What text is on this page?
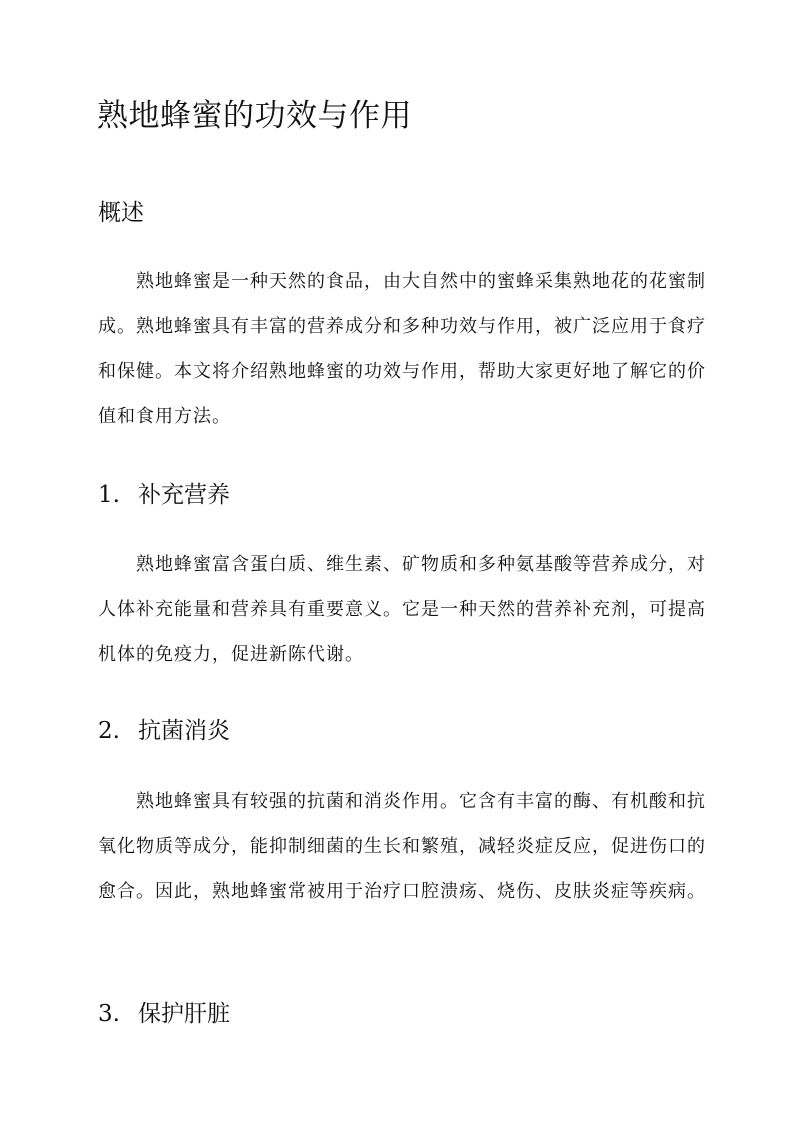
熟地蜂蜜的功效与作用
概述

熟地蜂蜜是一种天然的食品，由大自然中的蜜蜂采集熟地花的花蜜制成。熟地蜂蜜具有丰富的营养成分和多种功效与作用，被广泛应用于食疗和保健。本文将介绍熟地蜂蜜的功效与作用，帮助大家更好地了解它的价值和食用方法。

1. 补充营养

熟地蜂蜜富含蛋白质、维生素、矿物质和多种氨基酸等营养成分，对人体补充能量和营养具有重要意义。它是一种天然的营养补充剂，可提高机体的免疫力，促进新陈代谢。

2. 抗菌消炎

熟地蜂蜜具有较强的抗菌和消炎作用。它含有丰富的酶、有机酸和抗氧化物质等成分，能抑制细菌的生长和繁殖，减轻炎症反应，促进伤口的愈合。因此，熟地蜂蜜常被用于治疗口腔溃疡、烧伤、皮肤炎症等疾病。

3. 保护肝脏
